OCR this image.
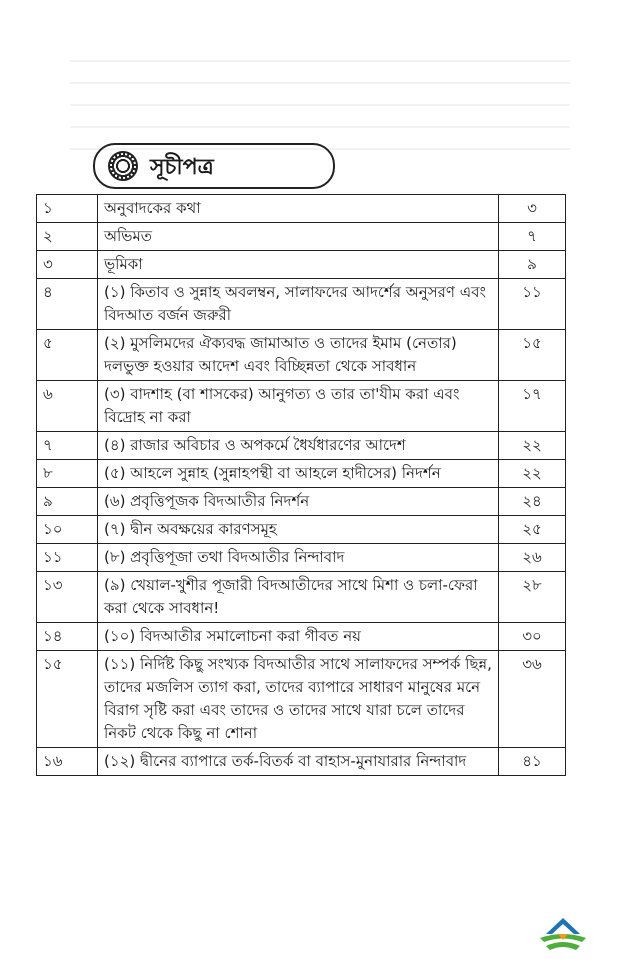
সূচীপত্র
১	অনুবাদকের কথা	৩
২	অভিমত	৭
৩	ভূমিকা	৯
৪	(১) কিতাব ও সুন্নাহ অবলম্বন, সালাফদের আদর্শের অনুসরণ এবং বিদআত বর্জন জরুরী	১১
৫	(২) মুসলিমদের ঐক্যবদ্ধ জামাআত ও তাদের ইমাম (নেতার) দলভুক্ত হওয়ার আদেশ এবং বিচ্ছিন্নতা থেকে সাবধান	১৫
৬	(৩) বাদশাহ (বা শাসকের) আনুগত্য ও তার তা'যীম করা এবং বিদ্রোহ না করা	১৭
৭	(৪) রাজার অবিচার ও অপকর্মে ধৈর্যধারণের আদেশ	২২
৮	(৫) আহলে সুন্নাহ (সুন্নাহপন্থী বা আহলে হাদীসের) নিদর্শন	২২
৯	(৬) প্রবৃত্তিপূজক বিদআতীর নিদর্শন	২৪
১০	(৭) দ্বীন অবক্ষয়ের কারণসমূহ	২৫
১১	(৮) প্রবৃত্তিপূজা তথা বিদআতীর নিন্দাবাদ	২৬
১৩	(৯) খেয়াল-খুশীর পূজারী বিদআতীদের সাথে মিশা ও চলা-ফেরা করা থেকে সাবধান!	২৮
১৪	(১০) বিদআতীর সমালোচনা করা গীবত নয়	৩০
১৫	(১১) নির্দিষ্ট কিছু সংখ্যক বিদআতীর সাথে সালাফদের সম্পর্ক ছিন্ন, তাদের মজলিস ত্যাগ করা, তাদের ব্যাপারে সাধারণ মানুষের মনে বিরাগ সৃষ্টি করা এবং তাদের ও তাদের সাথে যারা চলে তাদের নিকট থেকে কিছু না শোনা	৩৬
১৬	(১২) দ্বীনের ব্যাপারে তর্ক-বিতর্ক বা বাহাস-মুনাযারার নিন্দাবাদ	৪১
